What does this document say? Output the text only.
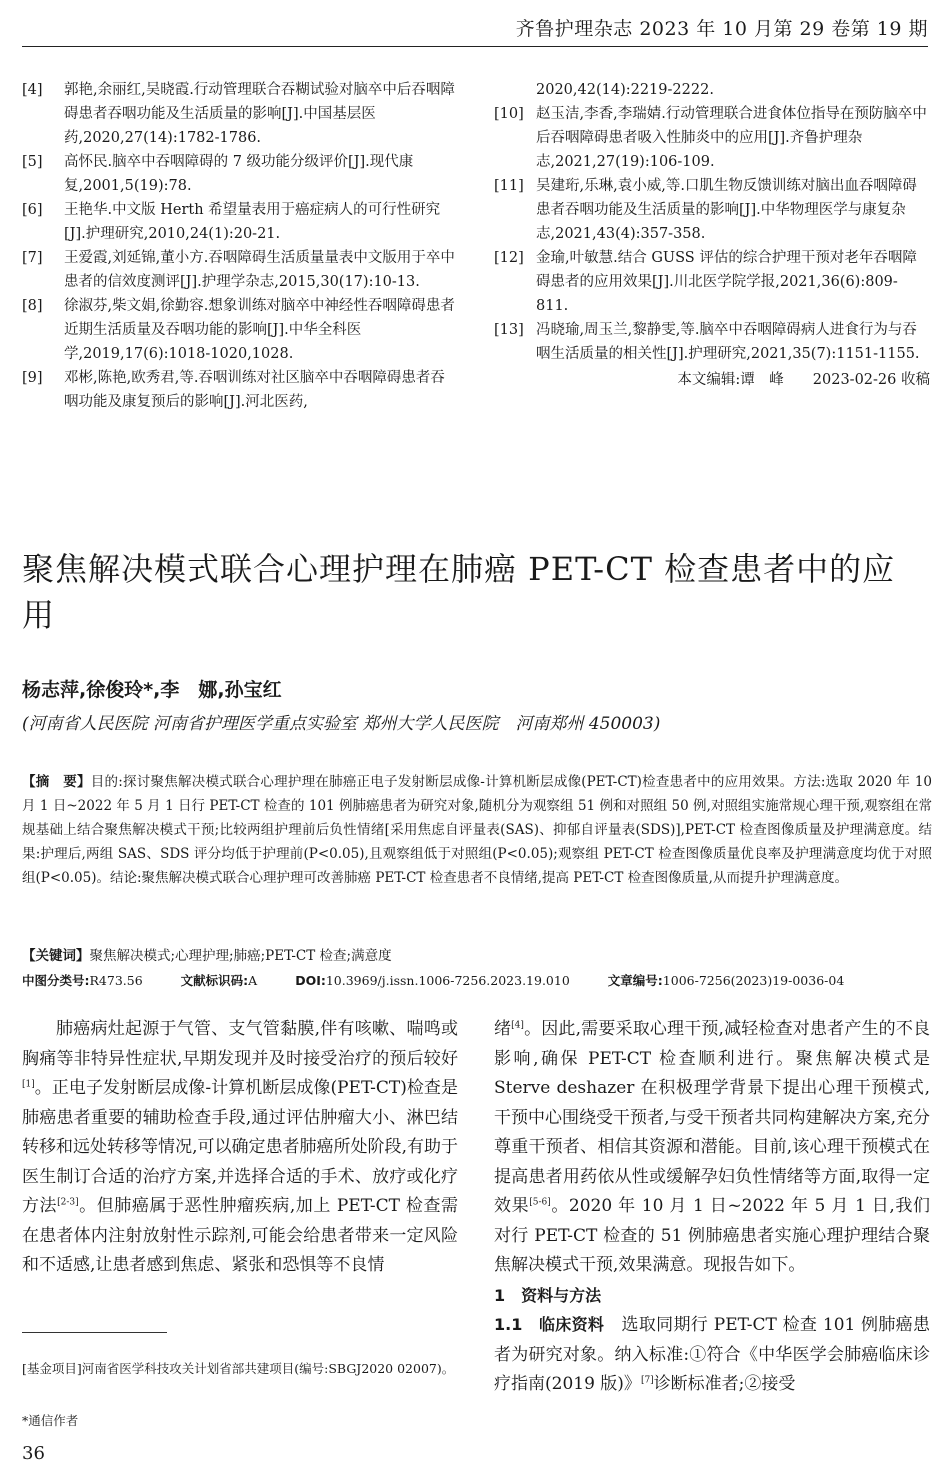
齐鲁护理杂志 2023 年 10 月第 29 卷第 19 期
[4] 郭艳,余丽红,吴晓霞.行动管理联合吞糊试验对脑卒中后吞咽障碍患者吞咽功能及生活质量的影响[J].中国基层医药,2020,27(14):1782-1786.
[5] 高怀民.脑卒中吞咽障碍的 7 级功能分级评价[J].现代康复,2001,5(19):78.
[6] 王艳华.中文版 Herth 希望量表用于癌症病人的可行性研究[J].护理研究,2010,24(1):20-21.
[7] 王爱霞,刘延锦,董小方.吞咽障碍生活质量量表中文版用于卒中患者的信效度测评[J].护理学杂志,2015,30(17):10-13.
[8] 徐淑芬,柴文娟,徐勤容.想象训练对脑卒中神经性吞咽障碍患者近期生活质量及吞咽功能的影响[J].中华全科医学,2019,17(6):1018-1020,1028.
[9] 邓彬,陈艳,欧秀君,等.吞咽训练对社区脑卒中吞咽障碍患者吞咽功能及康复预后的影响[J].河北医药,
2020,42(14):2219-2222.
[10] 赵玉洁,李香,李瑞婧.行动管理联合进食体位指导在预防脑卒中后吞咽障碍患者吸入性肺炎中的应用[J].齐鲁护理杂志,2021,27(19):106-109.
[11] 吴建珩,乐琳,袁小威,等.口肌生物反馈训练对脑出血吞咽障碍患者吞咽功能及生活质量的影响[J].中华物理医学与康复杂志,2021,43(4):357-358.
[12] 金瑜,叶敏慧.结合 GUSS 评估的综合护理干预对老年吞咽障碍患者的应用效果[J].川北医学院学报,2021,36(6):809-811.
[13] 冯晓瑜,周玉兰,黎静雯,等.脑卒中吞咽障碍病人进食行为与吞咽生活质量的相关性[J].护理研究,2021,35(7):1151-1155.
本文编辑:谭　峰　　2023-02-26 收稿
聚焦解决模式联合心理护理在肺癌 PET-CT 检查患者中的应用
杨志萍,徐俊玲*,李　娜,孙宝红
(河南省人民医院 河南省护理医学重点实验室 郑州大学人民医院　河南郑州 450003)
【摘　要】目的:探讨聚焦解决模式联合心理护理在肺癌正电子发射断层成像-计算机断层成像(PET-CT)检查患者中的应用效果。方法:选取 2020 年 10 月 1 日~2022 年 5 月 1 日行 PET-CT 检查的 101 例肺癌患者为研究对象,随机分为观察组 51 例和对照组 50 例,对照组实施常规心理干预,观察组在常规基础上结合聚焦解决模式干预;比较两组护理前后负性情绪[采用焦虑自评量表(SAS)、抑郁自评量表(SDS)],PET-CT 检查图像质量及护理满意度。结果:护理后,两组 SAS、SDS 评分均低于护理前(P<0.05),且观察组低于对照组(P<0.05);观察组 PET-CT 检查图像质量优良率及护理满意度均优于对照组(P<0.05)。结论:聚焦解决模式联合心理护理可改善肺癌 PET-CT 检查患者不良情绪,提高 PET-CT 检查图像质量,从而提升护理满意度。
【关键词】聚焦解决模式;心理护理;肺癌;PET-CT 检查;满意度
中图分类号:R473.56	文献标识码:A	DOI:10.3969/j.issn.1006-7256.2023.19.010	文章编号:1006-7256(2023)19-0036-04
肺癌病灶起源于气管、支气管黏膜,伴有咳嗽、喘鸣或胸痛等非特异性症状,早期发现并及时接受治疗的预后较好[1]。正电子发射断层成像-计算机断层成像(PET-CT)检查是肺癌患者重要的辅助检查手段,通过评估肿瘤大小、淋巴结转移和远处转移等情况,可以确定患者肺癌所处阶段,有助于医生制订合适的治疗方案,并选择合适的手术、放疗或化疗方法[2-3]。但肺癌属于恶性肿瘤疾病,加上 PET-CT 检查需在患者体内注射放射性示踪剂,可能会给患者带来一定风险和不适感,让患者感到焦虑、紧张和恐惧等不良情
绪[4]。因此,需要采取心理干预,减轻检查对患者产生的不良影响,确保 PET-CT 检查顺利进行。聚焦解决模式是 Sterve deshazer 在积极理学背景下提出心理干预模式,干预中心围绕受干预者,与受干预者共同构建解决方案,充分尊重干预者、相信其资源和潜能。目前,该心理干预模式在提高患者用药依从性或缓解孕妇负性情绪等方面,取得一定效果[5-6]。2020 年 10 月 1 日~2022 年 5 月 1 日,我们对行 PET-CT 检查的 51 例肺癌患者实施心理护理结合聚焦解决模式干预,效果满意。现报告如下。
1　资料与方法
1.1　临床资料　 选取同期行 PET-CT 检查 101 例肺癌患者为研究对象。纳入标准:①符合《中华医学会肺癌临床诊疗指南(2019 版)》[7]诊断标准者;②接受
[基金项目]河南省医学科技攻关计划省部共建项目(编号:SBGJ2020 02007)。
*通信作者
36
